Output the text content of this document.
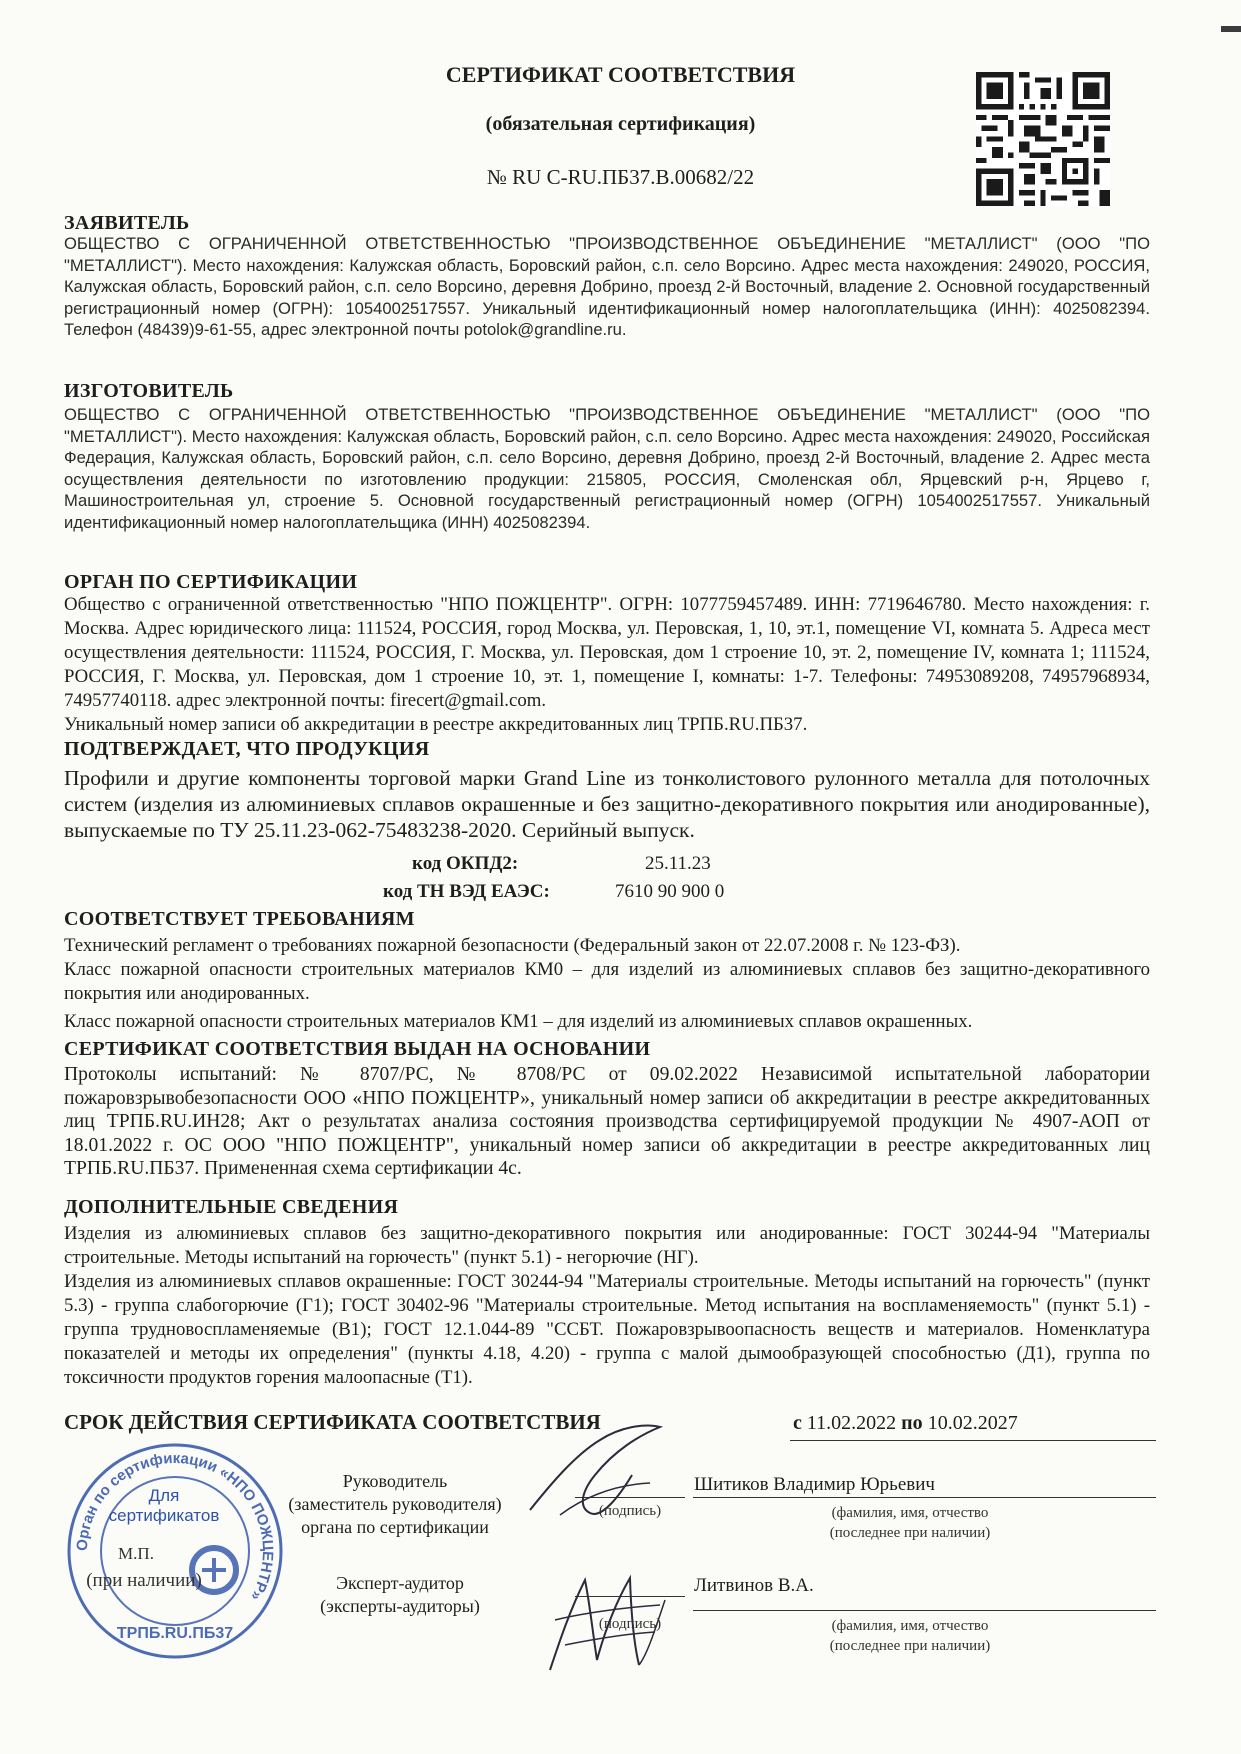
СЕРТИФИКАТ СООТВЕТСТВИЯ
(обязательная сертификация)
№ RU С-RU.ПБ37.В.00682/22
ЗАЯВИТЕЛЬ
ОБЩЕСТВО С ОГРАНИЧЕННОЙ ОТВЕТСТВЕННОСТЬЮ "ПРОИЗВОДСТВЕННОЕ ОБЪЕДИНЕНИЕ "МЕТАЛЛИСТ" (ООО "ПО "МЕТАЛЛИСТ"). Место нахождения: Калужская область, Боровский район, с.п. село Ворсино. Адрес места нахождения: 249020, РОССИЯ, Калужская область, Боровский район, с.п. село Ворсино, деревня Добрино, проезд 2-й Восточный, владение 2. Основной государственный регистрационный номер (ОГРН): 1054002517557. Уникальный идентификационный номер налогоплательщика (ИНН): 4025082394. Телефон (48439)9-61-55, адрес электронной почты potolok@grandline.ru.
ИЗГОТОВИТЕЛЬ
ОБЩЕСТВО С ОГРАНИЧЕННОЙ ОТВЕТСТВЕННОСТЬЮ "ПРОИЗВОДСТВЕННОЕ ОБЪЕДИНЕНИЕ "МЕТАЛЛИСТ" (ООО "ПО "МЕТАЛЛИСТ"). Место нахождения: Калужская область, Боровский район, с.п. село Ворсино. Адрес места нахождения: 249020, Российская Федерация, Калужская область, Боровский район, с.п. село Ворсино, деревня Добрино, проезд 2-й Восточный, владение 2. Адрес места осуществления деятельности по изготовлению продукции: 215805, РОССИЯ, Смоленская обл, Ярцевский р-н, Ярцево г, Машиностроительная ул, строение 5. Основной государственный регистрационный номер (ОГРН) 1054002517557. Уникальный идентификационный номер налогоплательщика (ИНН) 4025082394.
ОРГАН ПО СЕРТИФИКАЦИИ
Общество с ограниченной ответственностью "НПО ПОЖЦЕНТР". ОГРН: 1077759457489. ИНН: 7719646780. Место нахождения: г. Москва. Адрес юридического лица: 111524, РОССИЯ, город Москва, ул. Перовская, 1, 10, эт.1, помещение VI, комната 5. Адреса мест осуществления деятельности: 111524, РОССИЯ, Г. Москва, ул. Перовская, дом 1 строение 10, эт. 2, помещение IV, комната 1; 111524, РОССИЯ, Г. Москва, ул. Перовская, дом 1 строение 10, эт. 1, помещение I, комнаты: 1-7. Телефоны: 74953089208, 74957968934, 74957740118. адрес электронной почты: firecert@gmail.com.
Уникальный номер записи об аккредитации в реестре аккредитованных лиц ТРПБ.RU.ПБ37.
ПОДТВЕРЖДАЕТ, ЧТО ПРОДУКЦИЯ
Профили и другие компоненты торговой марки Grand Line из тонколистового рулонного металла для потолочных систем (изделия из алюминиевых сплавов окрашенные и без защитно-декоративного покрытия или анодированные), выпускаемые по ТУ 25.11.23-062-75483238-2020. Серийный выпуск.
код ОКПД2:	25.11.23
код ТН ВЭД ЕАЭС:	7610 90 900 0
СООТВЕТСТВУЕТ ТРЕБОВАНИЯМ
Технический регламент о требованиях пожарной безопасности (Федеральный закон от 22.07.2008 г. № 123-ФЗ).
Класс пожарной опасности строительных материалов КМ0 – для изделий из алюминиевых сплавов без защитно-декоративного покрытия или анодированных.
Класс пожарной опасности строительных материалов КМ1 – для изделий из алюминиевых сплавов окрашенных.
СЕРТИФИКАТ СООТВЕТСТВИЯ ВЫДАН НА ОСНОВАНИИ
Протоколы испытаний: № 8707/РС, № 8708/РС от 09.02.2022 Независимой испытательной лаборатории пожаровзрывобезопасности ООО «НПО ПОЖЦЕНТР», уникальный номер записи об аккредитации в реестре аккредитованных лиц ТРПБ.RU.ИН28; Акт о результатах анализа состояния производства сертифицируемой продукции № 4907-АОП от 18.01.2022 г. ОС ООО "НПО ПОЖЦЕНТР", уникальный номер записи об аккредитации в реестре аккредитованных лиц ТРПБ.RU.ПБ37. Примененная схема сертификации 4с.
ДОПОЛНИТЕЛЬНЫЕ СВЕДЕНИЯ
Изделия из алюминиевых сплавов без защитно-декоративного покрытия или анодированные: ГОСТ 30244-94 "Материалы строительные. Методы испытаний на горючесть" (пункт 5.1) - негорючие (НГ).
Изделия из алюминиевых сплавов окрашенные: ГОСТ 30244-94 "Материалы строительные. Методы испытаний на горючесть" (пункт 5.3) - группа слабогорючие (Г1); ГОСТ 30402-96 "Материалы строительные. Метод испытания на воспламеняемость" (пункт 5.1) - группа трудновоспламеняемые (В1); ГОСТ 12.1.044-89 "ССБТ. Пожаровзрывоопасность веществ и материалов. Номенклатура показателей и методы их определения" (пункты 4.18, 4.20) - группа с малой дымообразующей способностью (Д1), группа по токсичности продуктов горения малоопасные (Т1).
СРОК ДЕЙСТВИЯ СЕРТИФИКАТА СООТВЕТСТВИЯ	с 11.02.2022 по 10.02.2027
Руководитель
(заместитель руководителя)
органа по сертификации
(подпись)
Шитиков Владимир Юрьевич
(фамилия, имя, отчество
(последнее при наличии)
Эксперт-аудитор
(эксперты-аудиторы)
(подпись)
Литвинов В.А.
(фамилия, имя, отчество
(последнее при наличии)
Орган по сертификации «НПО ПОЖЦЕНТР»
ТРПБ.RU.ПБ37
Для
сертификатов
М.П.
(при наличии)
